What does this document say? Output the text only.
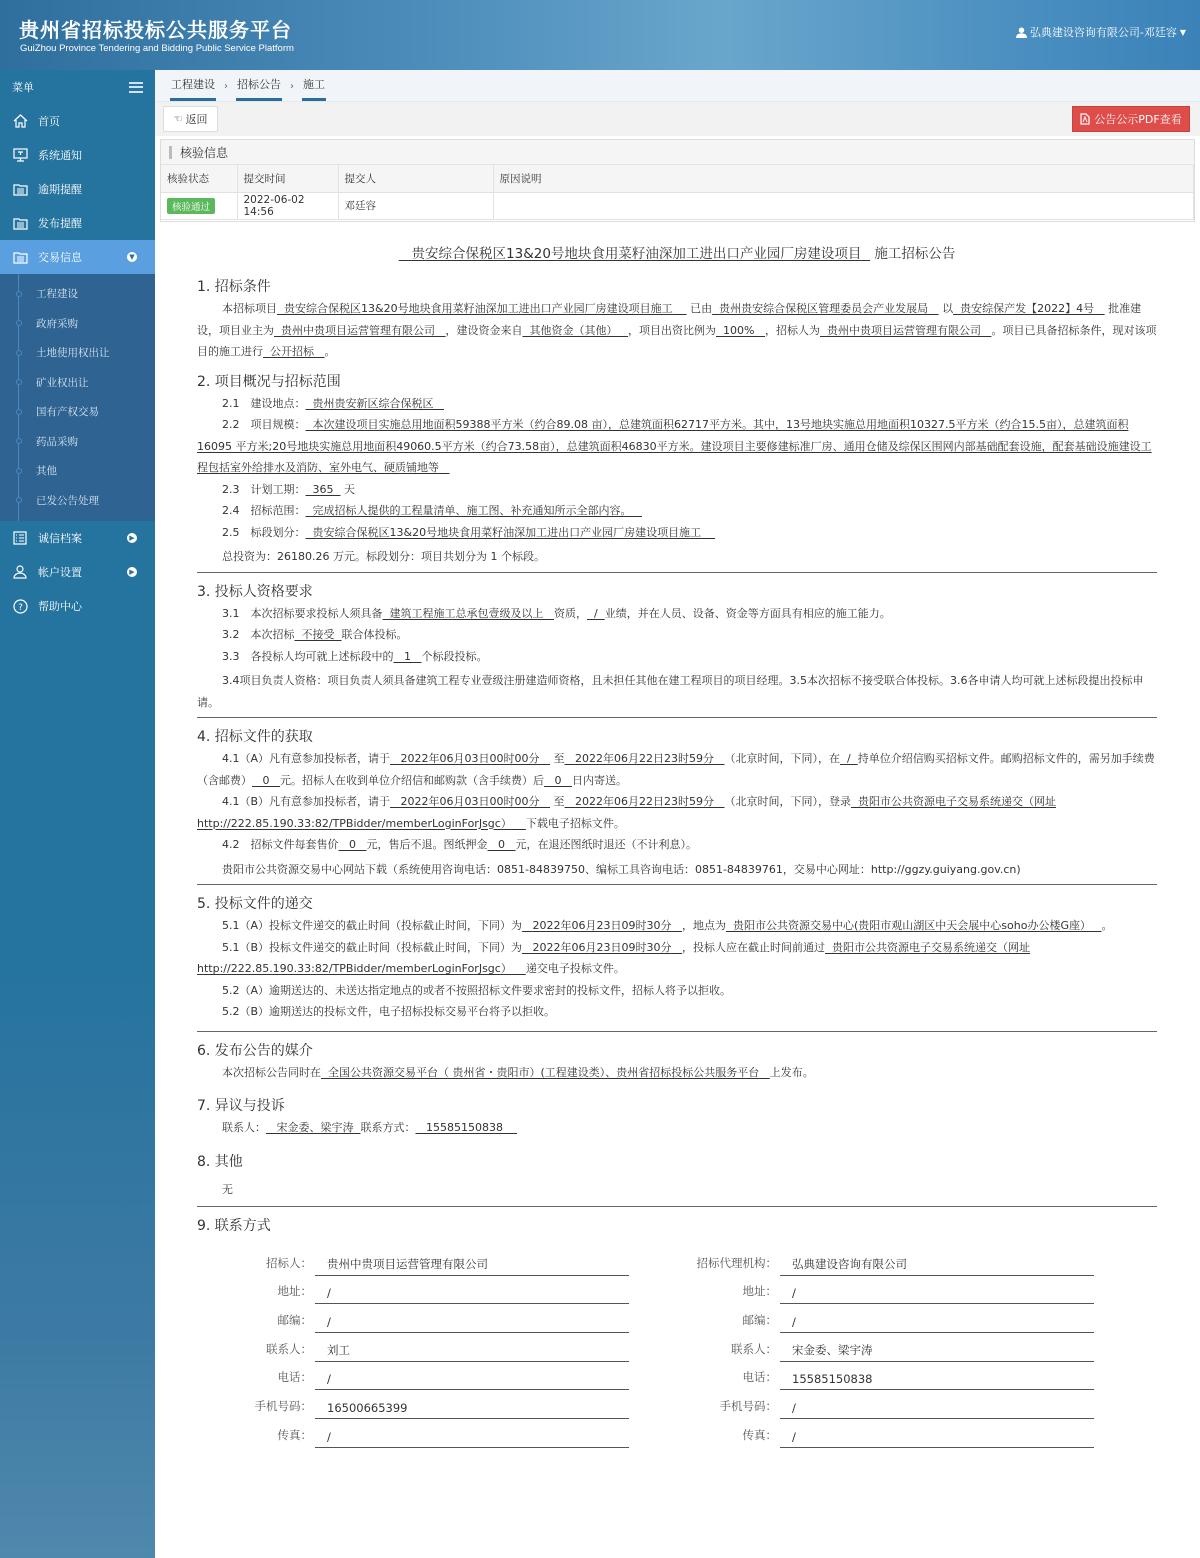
贵州省招标投标公共服务平台
GuiZhou Province Tendering and Bidding Public Service Platform
弘典建设咨询有限公司-邓廷容 ▼
菜单
首页
系统通知
逾期提醒
发布提醒
交易信息	▼
工程建设
政府采购
土地使用权出让
矿业权出让
国有产权交易
药品采购
其他
已发公告处理
诚信档案	▶
帐户设置	▶
? 帮助中心
工程建设 › 招标公告 › 施工
☜ 返回	公告公示PDF查看
核验信息
核验状态	提交时间	提交人	原因说明
核验通过	2022-06-02 14:56	邓廷容	
贵安综合保税区13&20号地块食用菜籽油深加工进出口产业园厂房建设项目 施工招标公告
1. 招标条件
本招标项目 贵安综合保税区13&20号地块食用菜籽油深加工进出口产业园厂房建设项目施工 已由 贵州贵安综合保税区管理委员会产业发展局 以 贵安综保产发【2022】4号 批准建设，项目业主为 贵州中贵项目运营管理有限公司 ，建设资金来自 其他资金（其他） ，项目出资比例为 100% ，招标人为 贵州中贵项目运营管理有限公司 。项目已具备招标条件，现对该项目的施工进行 公开招标 。
2. 项目概况与招标范围
2.1　建设地点： 贵州贵安新区综合保税区
2.2　项目规模： 本次建设项目实施总用地面积59388平方米（约合89.08 亩），总建筑面积62717平方米。其中，13号地块实施总用地面积10327.5平方米（约合15.5亩），总建筑面积16095 平方米;20号地块实施总用地面积49060.5平方米（约合73.58亩），总建筑面积46830平方米。建设项目主要修建标准厂房、通用仓储及综保区围网内部基础配套设施，配套基础设施建设工程包括室外给排水及消防、室外电气、硬质铺地等
2.3　计划工期： 365 天
2.4　招标范围： 完成招标人提供的工程量清单、施工图、补充通知所示全部内容。
2.5　标段划分： 贵安综合保税区13&20号地块食用菜籽油深加工进出口产业园厂房建设项目施工
总投资为：26180.26 万元。标段划分：项目共划分为 1 个标段。
3. 投标人资格要求
3.1　本次招标要求投标人须具备 建筑工程施工总承包壹级及以上 资质， / 业绩，并在人员、设备、资金等方面具有相应的施工能力。
3.2　本次招标 不接受 联合体投标。
3.3　各投标人均可就上述标段中的 1 个标段投标。
3.4项目负责人资格：项目负责人须具备建筑工程专业壹级注册建造师资格，且未担任其他在建工程项目的项目经理。3.5本次招标不接受联合体投标。3.6各申请人均可就上述标段提出投标申请。
4. 招标文件的获取
4.1（A）凡有意参加投标者，请于 2022年06月03日00时00分 至 2022年06月22日23时59分 （北京时间，下同），在 / 持单位介绍信购买招标文件。邮购招标文件的，需另加手续费（含邮费） 0 元。招标人在收到单位介绍信和邮购款（含手续费）后 0 日内寄送。
4.1（B）凡有意参加投标者，请于 2022年06月03日00时00分 至 2022年06月22日23时59分 （北京时间，下同），登录 贵阳市公共资源电子交易系统递交（网址http://222.85.190.33:82/TPBidder/memberLoginForJsgc） 下载电子招标文件。
4.2　招标文件每套售价 0 元，售后不退。图纸押金 0 元，在退还图纸时退还（不计利息）。
贵阳市公共资源交易中心网站下载（系统使用咨询电话：0851-84839750、编标工具咨询电话：0851-84839761，交易中心网址：http://ggzy.guiyang.gov.cn)
5. 投标文件的递交
5.1（A）投标文件递交的截止时间（投标截止时间，下同）为 2022年06月23日09时30分 ，地点为 贵阳市公共资源交易中心(贵阳市观山湖区中天会展中心soho办公楼G座） 。
5.1（B）投标文件递交的截止时间（投标截止时间，下同）为 2022年06月23日09时30分 ，投标人应在截止时间前通过 贵阳市公共资源电子交易系统递交（网址http://222.85.190.33:82/TPBidder/memberLoginForJsgc） 递交电子投标文件。
5.2（A）逾期送达的、未送达指定地点的或者不按照招标文件要求密封的投标文件，招标人将予以拒收。
5.2（B）逾期送达的投标文件，电子招标投标交易平台将予以拒收。
6. 发布公告的媒介
本次招标公告同时在 全国公共资源交易平台（ 贵州省・贵阳市）(工程建设类）、贵州省招标投标公共服务平台 上发布。
7. 异议与投诉
联系人： 宋金委、梁宇涛 联系方式： 15585150838
8. 其他
无
9. 联系方式
招标人：	贵州中贵项目运营管理有限公司
地址：	/
邮编：	/
联系人：	刘工
电话：	/
手机号码：	16500665399
传真：	/
招标代理机构：	弘典建设咨询有限公司
地址：	/
邮编：	/
联系人：	宋金委、梁宇涛
电话：	15585150838
手机号码：	/
传真：	/
